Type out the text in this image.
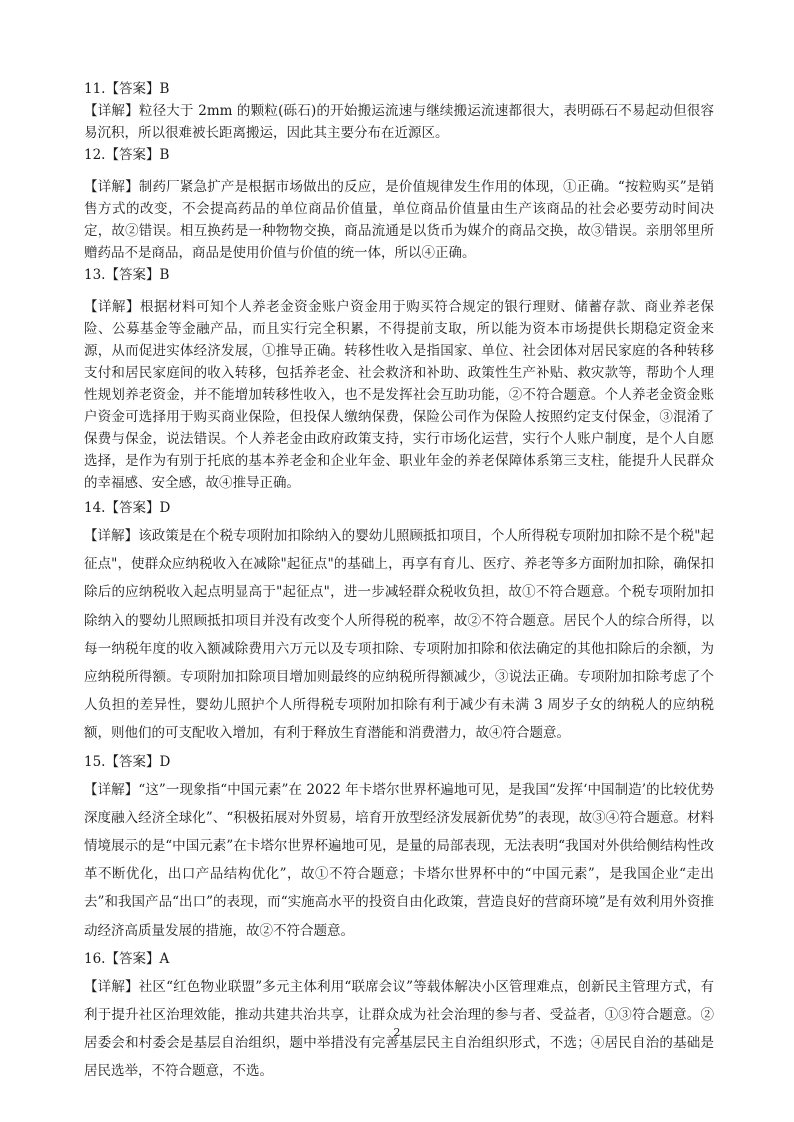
11.【答案】B

【详解】粒径大于 2mm 的颗粒(砾石)的开始搬运流速与继续搬运流速都很大，表明砾石不易起动但很容易沉积，所以很难被长距离搬运，因此其主要分布在近源区。

12.【答案】B

【详解】制药厂紧急扩产是根据市场做出的反应，是价值规律发生作用的体现，①正确。“按粒购买”是销售方式的改变，不会提高药品的单位商品价值量，单位商品价值量由生产该商品的社会必要劳动时间决定，故②错误。相互换药是一种物物交换，商品流通是以货币为媒介的商品交换，故③错误。亲朋邻里所赠药品不是商品，商品是使用价值与价值的统一体，所以④正确。

13.【答案】B

【详解】根据材料可知个人养老金资金账户资金用于购买符合规定的银行理财、储蓄存款、商业养老保险、公募基金等金融产品，而且实行完全积累，不得提前支取，所以能为资本市场提供长期稳定资金来源，从而促进实体经济发展，①推导正确。转移性收入是指国家、单位、社会团体对居民家庭的各种转移支付和居民家庭间的收入转移，包括养老金、社会救济和补助、政策性生产补贴、救灾款等，帮助个人理性规划养老资金，并不能增加转移性收入，也不是发挥社会互助功能，②不符合题意。个人养老金资金账户资金可选择用于购买商业保险，但投保人缴纳保费，保险公司作为保险人按照约定支付保金，③混淆了保费与保金，说法错误。个人养老金由政府政策支持，实行市场化运营，实行个人账户制度，是个人自愿选择，是作为有别于托底的基本养老金和企业年金、职业年金的养老保障体系第三支柱，能提升人民群众的幸福感、安全感，故④推导正确。

14.【答案】D

【详解】该政策是在个税专项附加扣除纳入的婴幼儿照顾抵扣项目，个人所得税专项附加扣除不是个税"起征点"，使群众应纳税收入在减除"起征点"的基础上，再享有育儿、医疗、养老等多方面附加扣除，确保扣除后的应纳税收入起点明显高于"起征点"，进一步减轻群众税收负担，故①不符合题意。个税专项附加扣除纳入的婴幼儿照顾抵扣项目并没有改变个人所得税的税率，故②不符合题意。居民个人的综合所得，以每一纳税年度的收入额减除费用六万元以及专项扣除、专项附加扣除和依法确定的其他扣除后的余额，为应纳税所得额。专项附加扣除项目增加则最终的应纳税所得额减少，③说法正确。专项附加扣除考虑了个人负担的差异性，婴幼儿照护个人所得税专项附加扣除有利于减少有未满 3 周岁子女的纳税人的应纳税额，则他们的可支配收入增加，有利于释放生育潜能和消费潜力，故④符合题意。

15.【答案】D

【详解】“这”一现象指“中国元素”在 2022 年卡塔尔世界杯遍地可见，是我国“发挥‘中国制造’的比较优势深度融入经济全球化”、“积极拓展对外贸易，培育开放型经济发展新优势”的表现，故③④符合题意。材料情境展示的是“中国元素”在卡塔尔世界杯遍地可见，是量的局部表现，无法表明“我国对外供给侧结构性改革不断优化，出口产品结构优化”，故①不符合题意；卡塔尔世界杯中的“中国元素”，是我国企业“走出去”和我国产品“出口”的表现，而“实施高水平的投资自由化政策，营造良好的营商环境”是有效利用外资推动经济高质量发展的措施，故②不符合题意。

16.【答案】A

【详解】社区“红色物业联盟”多元主体利用“联席会议”等载体解决小区管理难点，创新民主管理方式，有利于提升社区治理效能，推动共建共治共享，让群众成为社会治理的参与者、受益者，①③符合题意。②居委会和村委会是基层自治组织，题中举措没有完善基层民主自治组织形式，不选；④居民自治的基础是居民选举，不符合题意，不选。

2
